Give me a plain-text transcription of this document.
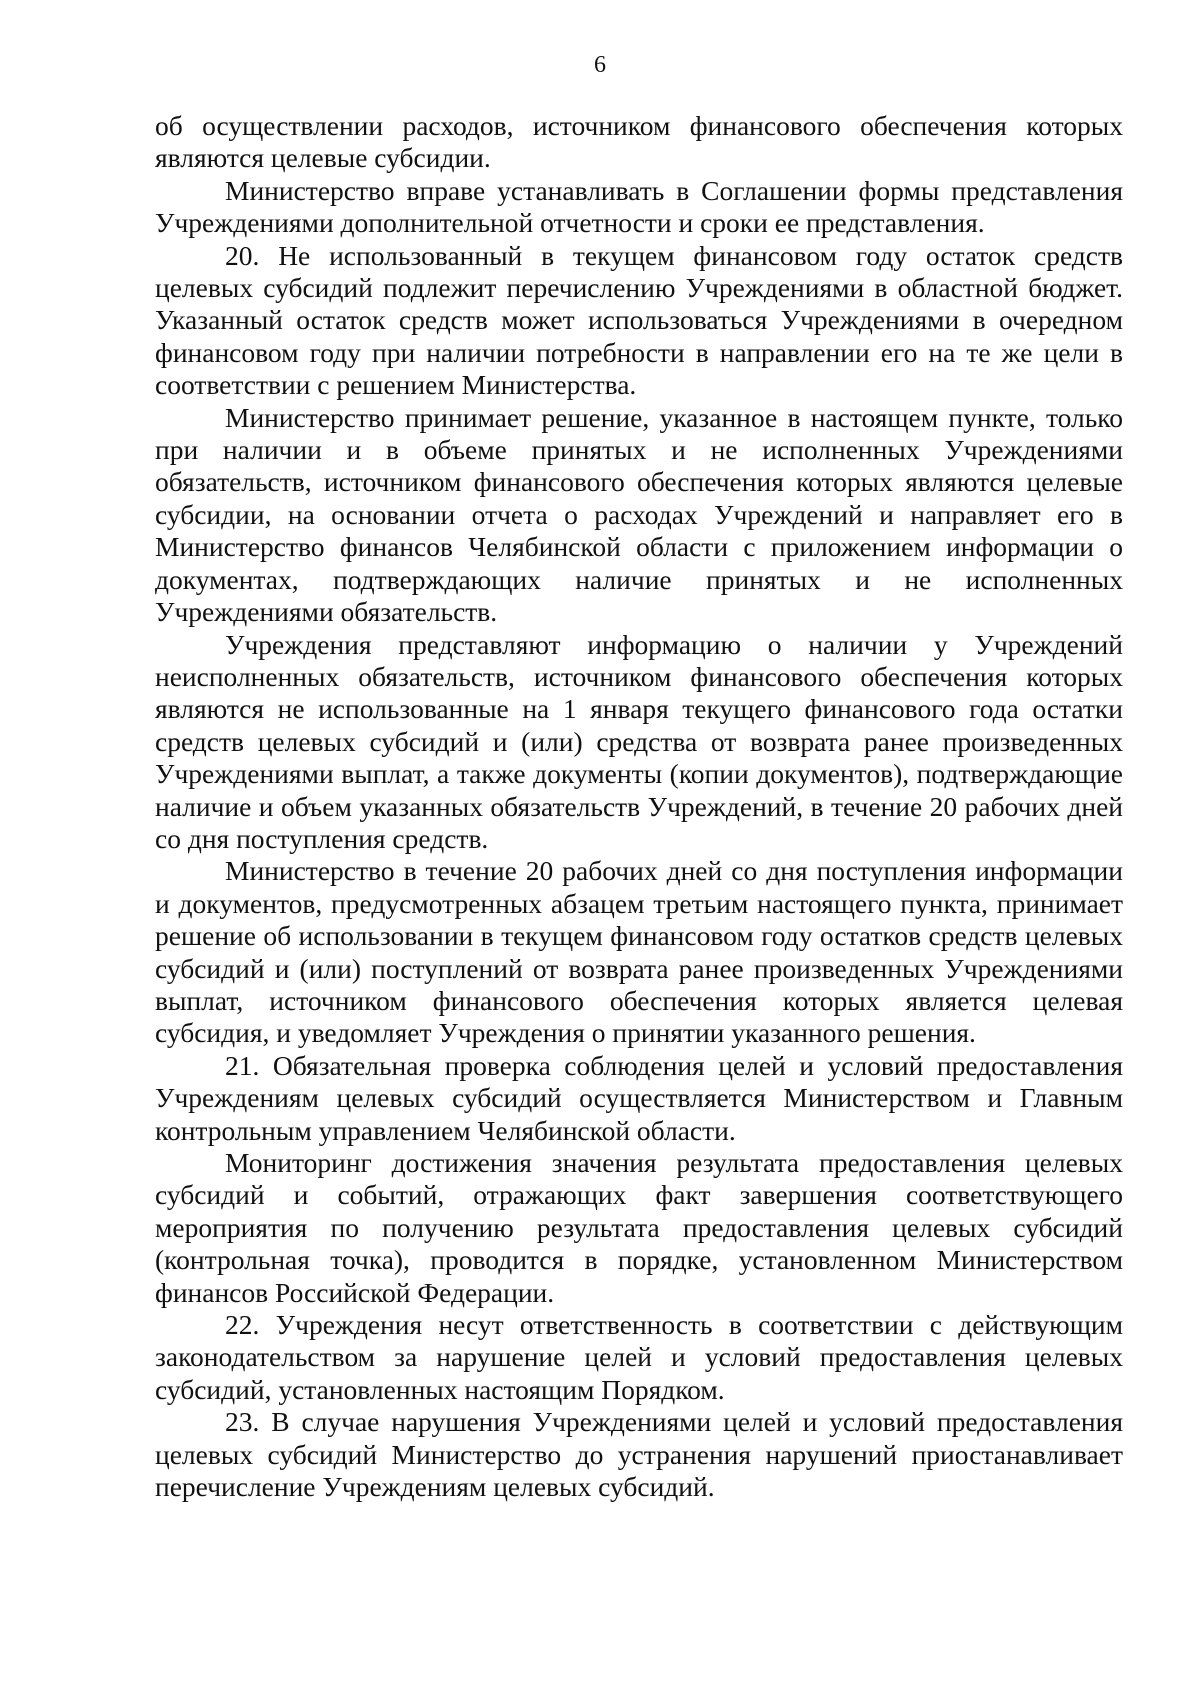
6

об осуществлении расходов, источником финансового обеспечения которых являются целевые субсидии.

Министерство вправе устанавливать в Соглашении формы представления Учреждениями дополнительной отчетности и сроки ее представления.

20. Не использованный в текущем финансовом году остаток средств целевых субсидий подлежит перечислению Учреждениями в областной бюджет. Указанный остаток средств может использоваться Учреждениями в очередном финансовом году при наличии потребности в направлении его на те же цели в соответствии с решением Министерства.

Министерство принимает решение, указанное в настоящем пункте, только при наличии и в объеме принятых и не исполненных Учреждениями обязательств, источником финансового обеспечения которых являются целевые субсидии, на основании отчета о расходах Учреждений и направляет его в Министерство финансов Челябинской области с приложением информации о документах, подтверждающих наличие принятых и не исполненных Учреждениями обязательств.

Учреждения представляют информацию о наличии у Учреждений неисполненных обязательств, источником финансового обеспечения которых являются не использованные на 1 января текущего финансового года остатки средств целевых субсидий и (или) средства от возврата ранее произведенных Учреждениями выплат, а также документы (копии документов), подтверждающие наличие и объем указанных обязательств Учреждений, в течение 20 рабочих дней со дня поступления средств.

Министерство в течение 20 рабочих дней со дня поступления информации и документов, предусмотренных абзацем третьим настоящего пункта, принимает решение об использовании в текущем финансовом году остатков средств целевых субсидий и (или) поступлений от возврата ранее произведенных Учреждениями выплат, источником финансового обеспечения которых является целевая субсидия, и уведомляет Учреждения о принятии указанного решения.

21. Обязательная проверка соблюдения целей и условий предоставления Учреждениям целевых субсидий осуществляется Министерством и Главным контрольным управлением Челябинской области.

Мониторинг достижения значения результата предоставления целевых субсидий и событий, отражающих факт завершения соответствующего мероприятия по получению результата предоставления целевых субсидий (контрольная точка), проводится в порядке, установленном Министерством финансов Российской Федерации.

22. Учреждения несут ответственность в соответствии с действующим законодательством за нарушение целей и условий предоставления целевых субсидий, установленных настоящим Порядком.

23. В случае нарушения Учреждениями целей и условий предоставления целевых субсидий Министерство до устранения нарушений приостанавливает перечисление Учреждениям целевых субсидий.
